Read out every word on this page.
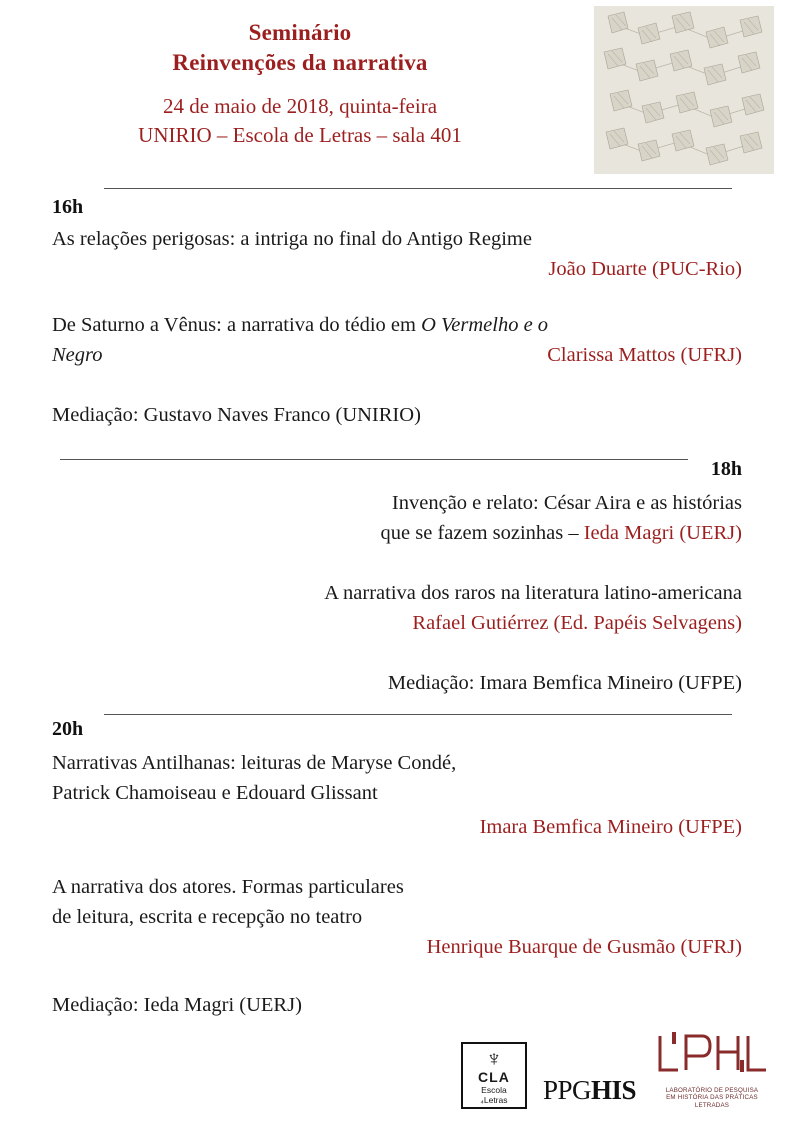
Seminário
Reinvenções da narrativa
24 de maio de 2018, quinta-feira
UNIRIO – Escola de Letras – sala 401
16h
As relações perigosas: a intriga no final do Antigo Regime
João Duarte (PUC-Rio)
De Saturno a Vênus: a narrativa do tédio em O Vermelho e o
Negro	Clarissa Mattos (UFRJ)
Mediação: Gustavo Naves Franco (UNIRIO)
18h
Invenção e relato: César Aira e as histórias
que se fazem sozinhas – Ieda Magri (UERJ)
A narrativa dos raros na literatura latino-americana
Rafael Gutiérrez (Ed. Papéis Selvagens)
Mediação: Imara Bemfica Mineiro (UFPE)
20h
Narrativas Antilhanas: leituras de Maryse Condé,
Patrick Chamoiseau e Edouard Glissant
Imara Bemfica Mineiro (UFPE)
A narrativa dos atores. Formas particulares
de leitura, escrita e recepção no teatro
Henrique Buarque de Gusmão (UFRJ)
Mediação: Ieda Magri (UERJ)
♆
CLA
Escola
₄Letras	PPGHIS	LABORATÓRIO DE PESQUISA
EM HISTÓRIA DAS PRÁTICAS
LETRADAS
